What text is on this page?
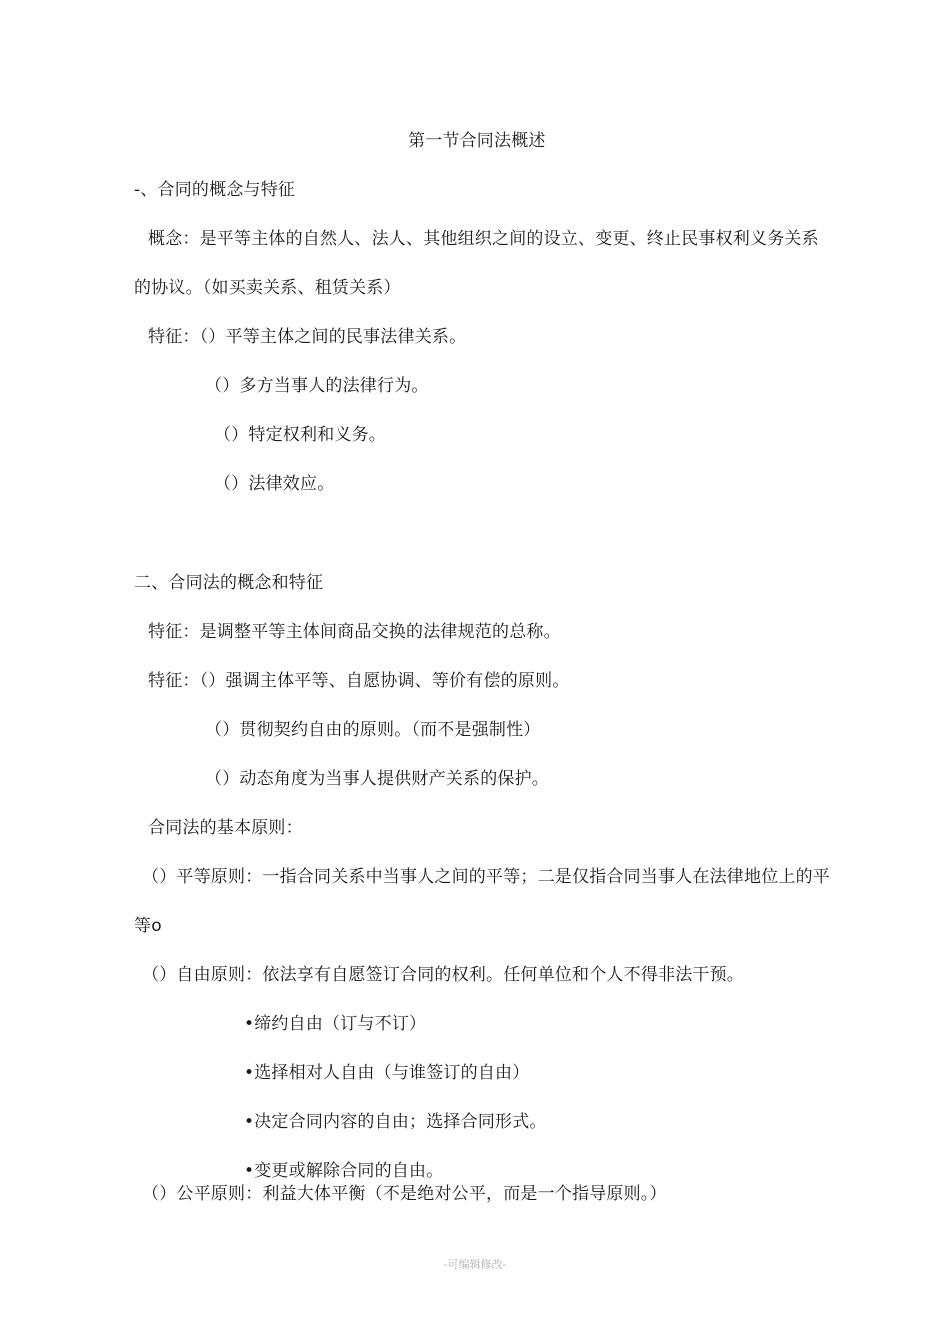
第一节合同法概述
-、合同的概念与特征
概念：是平等主体的自然人、法人、其他组织之间的设立、变更、终止民事权利义务关系
的协议。（如买卖关系、租赁关系）
特征：（）平等主体之间的民事法律关系。
（）多方当事人的法律行为。
（）特定权利和义务。
（）法律效应。
二、合同法的概念和特征
特征：是调整平等主体间商品交换的法律规范的总称。
特征：（）强调主体平等、自愿协调、等价有偿的原则。
（）贯彻契约自由的原则。（而不是强制性）
（）动态角度为当事人提供财产关系的保护。
合同法的基本原则：
（）平等原则：一指合同关系中当事人之间的平等；二是仅指合同当事人在法律地位上的平
等o
（）自由原则：依法享有自愿签订合同的权利。任何单位和个人不得非法干预。
•缔约自由（订与不订）
•选择相对人自由（与谁签订的自由）
•决定合同内容的自由；选择合同形式。
•变更或解除合同的自由。
（）公平原则：利益大体平衡（不是绝对公平，而是一个指导原则。）
-可编辑修改-
